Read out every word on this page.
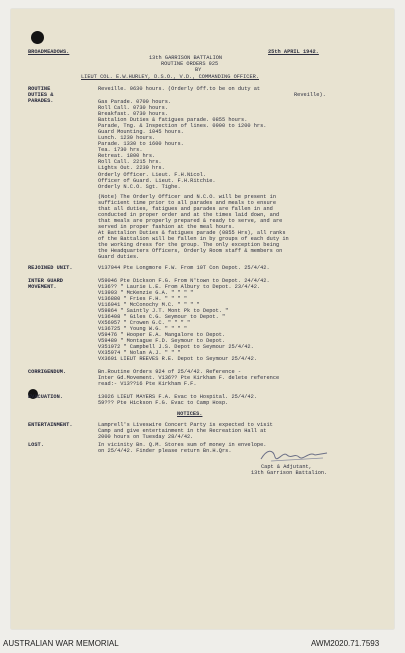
BROADMEADOWS.	25th APRIL 1942.
13th GARRISON BATTALION
ROUTINE ORDERS 925
BY
LIEUT COL. E.W.HURLEY, D.S.O., V.D., COMMANDING OFFICER.
ROUTINE
DUTIES &
PARADES.
Reveille. 0630 hours. (Orderly Off.to be on duty at
Reveille).
Gas Parade. 0700 hours.
Roll Call. 0730 hours.
Breakfast. 0730 hours.
Battalion Duties & fatigues parade. 0855 hours.
Parade, Tng. & Inspection of lines. 0900 to 1200 hrs.
Guard Mounting. 1045 hours.
Lunch. 1230 hours.
Parade. 1330 to 1600 hours.
Tea. 1730 hrs.
Retreat. 1800 hrs.
Roll Call. 2215 hrs.
Lights Out. 2230 hrs.
Orderly Officer. Lieut. F.H.Nicol.
Officer of Guard. Lieut. F.H.Ritchie.
Orderly N.C.O. Sgt. Tighe.
(Note) The Orderly Officer and N.C.O. will be present in
sufficient time prior to all parades and meals to ensure
that all duties, fatigues and parades are fallen in and
conducted in proper order and at the times laid down, and
that meals are properly prepared & ready to serve, and are
served in proper fashion at the meal hours.
At Battalion Duties & fatigues parade (0855 Hrs), all ranks
of the Battalion will be fallen in by groups of each duty in
the working dress for the group. The only exception being
the Headquarters Officers, Orderly Room staff & members on
Guard duties.
REJOINED UNIT.	V137044 Pte Longmore F.W. From 10T Con Depot. 25/4/42.
INTER GUARD
MOVEMENT.
V59046 Pte Dickson F.G. From N'town to Depot. 24/4/42.
V136?? " Laurie L.E. From Albury to Depot. 23/4/42.
V13903 " McKenzie G.A. " " " "
V136880 " Fries F.H. " " " "
V116041 " McConochy M.C. " " " "
V59864 " Saintly J.T. Mont Pk to Depot. "
V136408 " Giles C.G. Seymour to Depot. "
VX56957 " Crowen G.C. " " " "
V136725 " Young W.G. " " " "
V59476 " Hooper E.A. Mangalore to Depot.
V59489 " Montague F.D. Seymour to Depot.
V351972 " Campbell J.S. Depot to Seymour 25/4/42.
VX35974 " Nolan A.J. " " "
VX3601 LIEUT REEVES R.E. Depot to Seymour 25/4/42.
CORRIGENDUM.	Bn.Routine Orders 924 of 25/4/42. Reference -
Inter Gd.Movement. V136?? Pte Kirkham F. delete reference
read:- V13??16 Pte Kirkham F.F.
EVACUATION.	13026 LIEUT MAYERS F.A. Evac to Hospital. 25/4/42.
59??? Pte Hickson F.G. Evac to Camp Hosp.
NOTICES.
ENTERTAINMENT.	Lamprell's Liveswire Concert Party is expected to visit
Camp and give entertainment in the Recreation Hall at
2000 hours on Tuesday 28/4/42.
LOST.	In vicinity Bn. Q.M. Stores sum of money in envelope.
on 25/4/42. Finder please return Bn.H.Qrs.
Capt & Adjutant,
13th Garrison Battalion.
AUSTRALIAN WAR MEMORIAL	AWM2020.71.7593
